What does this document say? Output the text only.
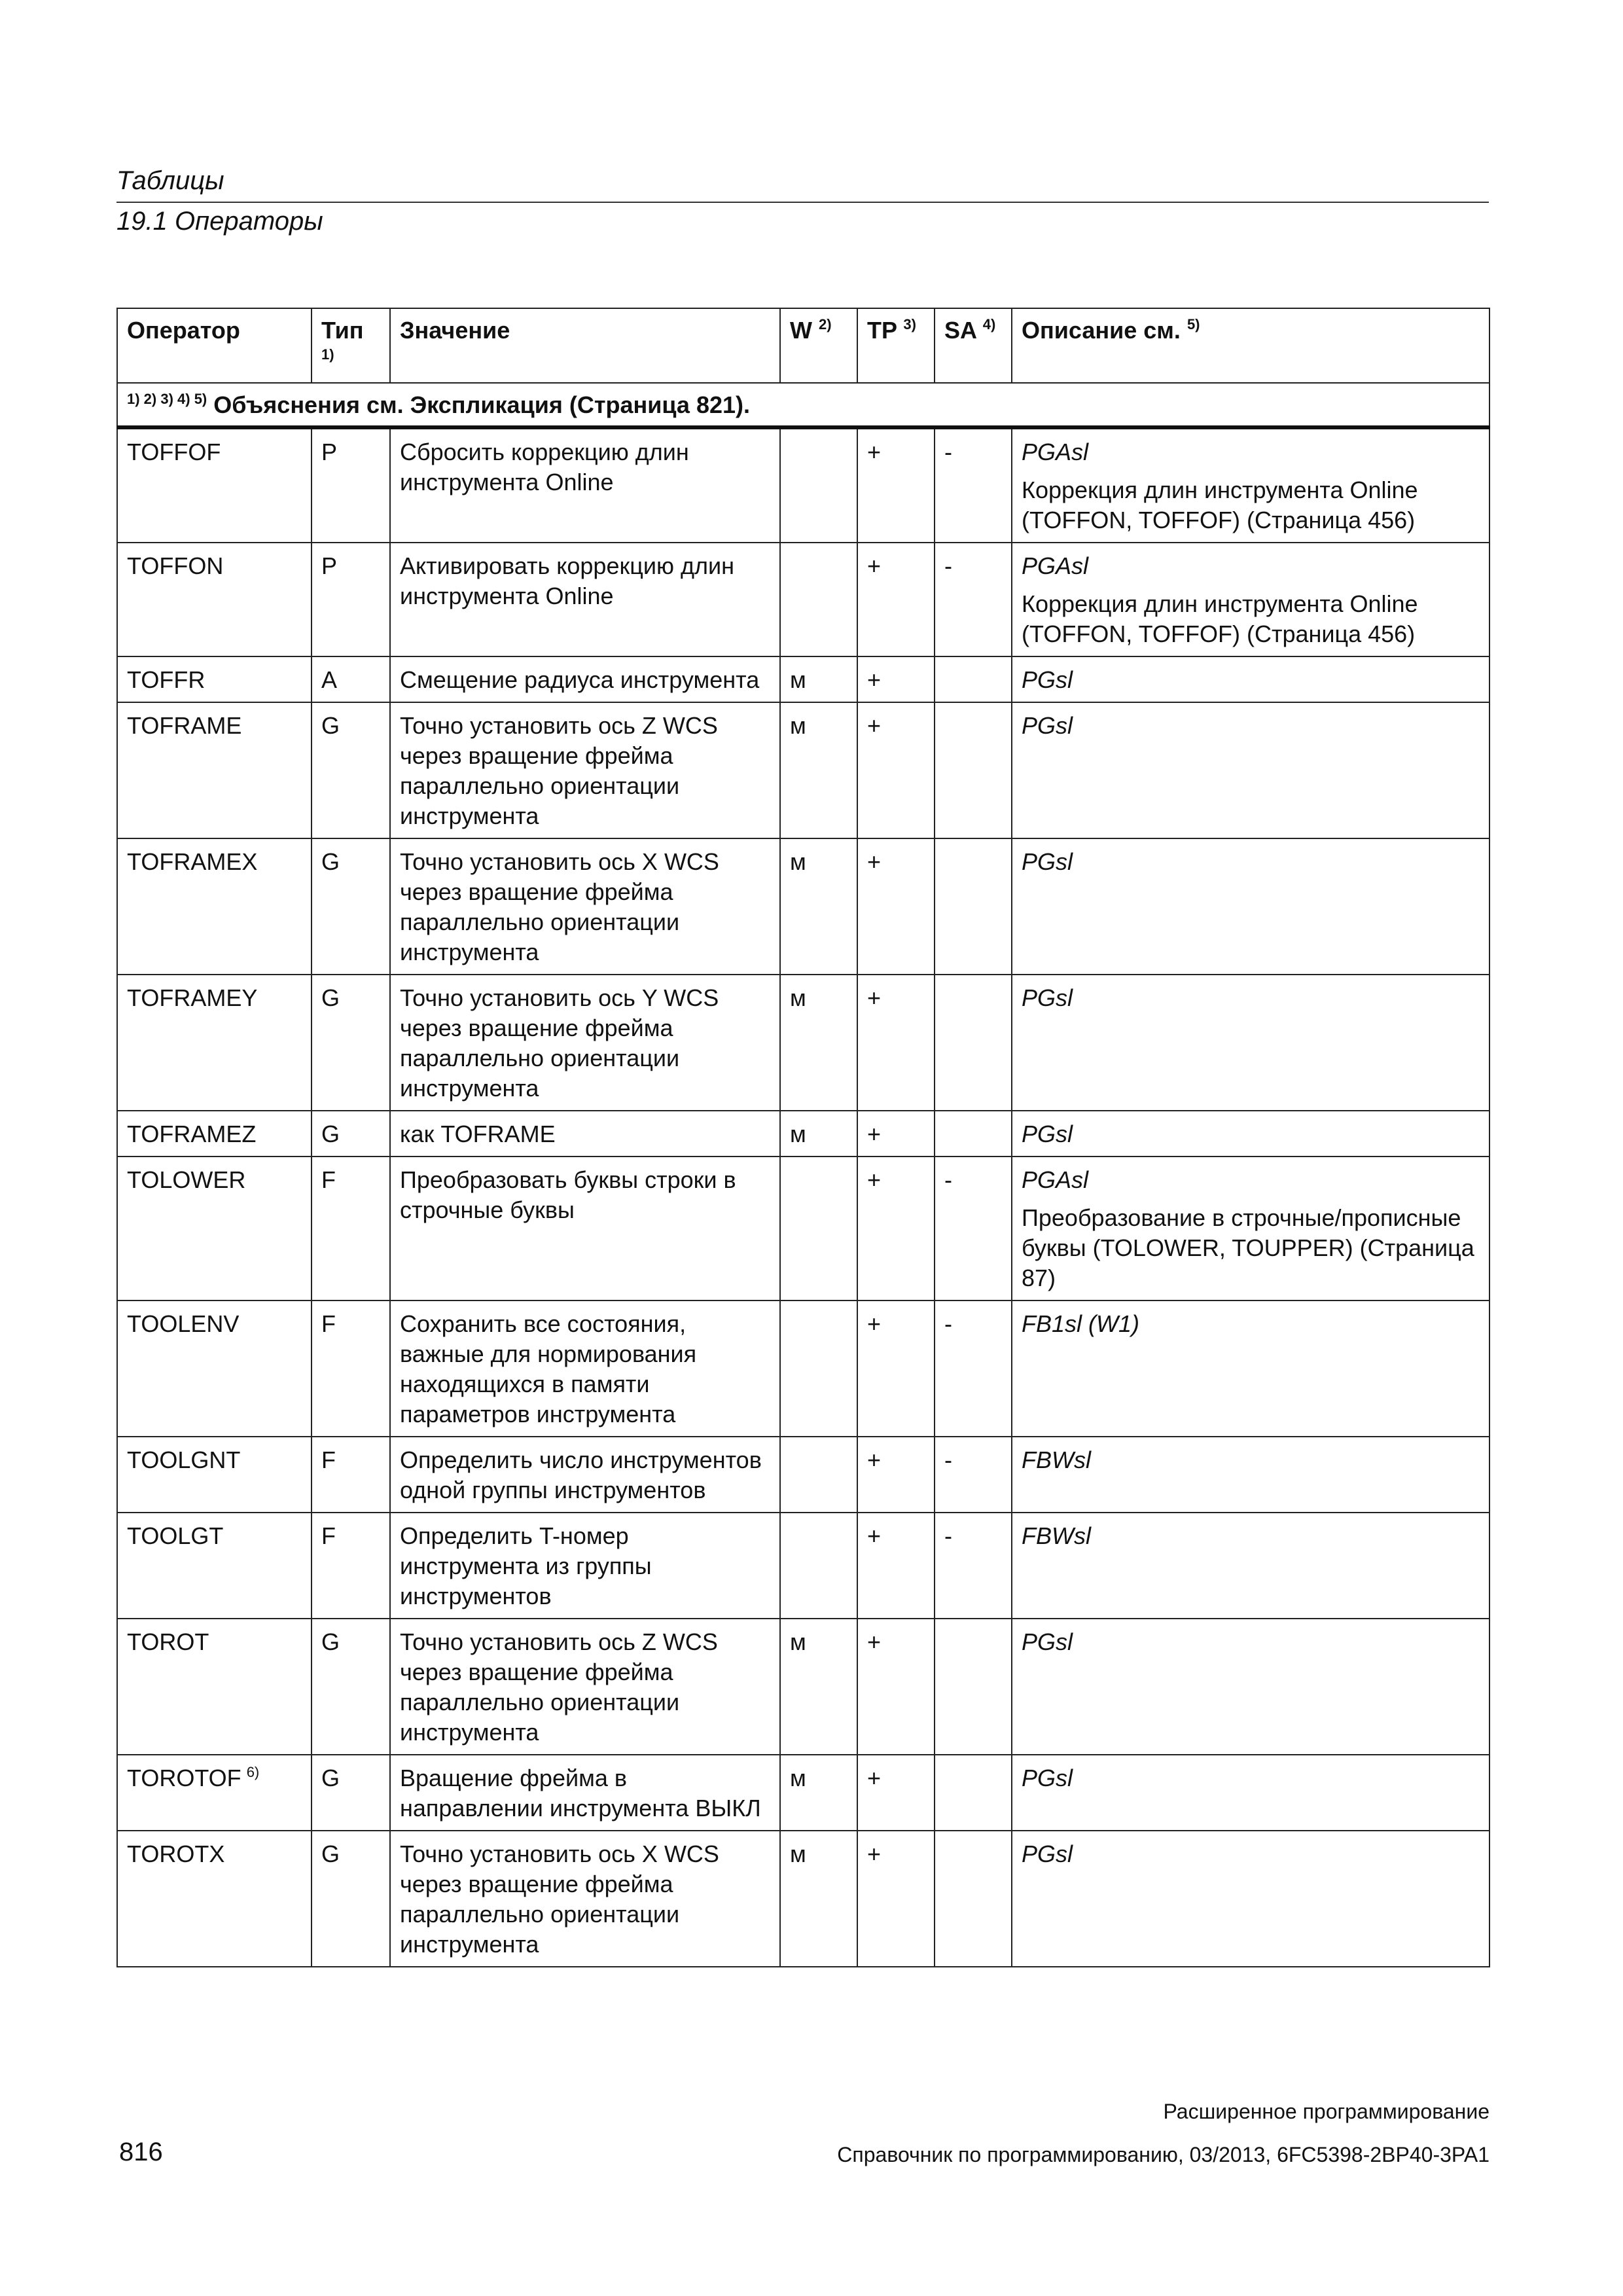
Таблицы
19.1 Операторы
Оператор	Тип $^{1)}$	Значение	W $^{2)}$	TP $^{3)}$	SA $^{4)}$	Описание см. $^{5)}$
$^{1) 2) 3) 4) 5)}$ Объяснения см. Экспликация (Страница 821).						
TOFFOF	P	Сбросить коррекцию длин инструмента Online		+	-	PGAsl
Коррекция длин инструмента Online (TOFFON, TOFFOF) (Страница 456)

TOFFON	P	Активировать коррекцию длин инструмента Online		+	-	PGAsl
Коррекция длин инструмента Online (TOFFON, TOFFOF) (Страница 456)

TOFFR	A	Смещение радиуса инструмента	м	+		PGsl

TOFRAME	G	Точно установить ось Z WCS через вращение фрейма параллельно ориентации инструмента	м	+		PGsl

TOFRAMEX	G	Точно установить ось X WCS через вращение фрейма параллельно ориентации инструмента	м	+		PGsl

TOFRAMEY	G	Точно установить ось Y WCS через вращение фрейма параллельно ориентации инструмента	м	+		PGsl

TOFRAMEZ	G	как TOFRAME	м	+		PGsl

TOLOWER	F	Преобразовать буквы строки в строчные буквы		+	-	PGAsl
Преобразование в строчные/прописные буквы (TOLOWER, TOUPPER) (Страница 87)

TOOLENV	F	Сохранить все состояния, важные для нормирования находящихся в памяти параметров инструмента		+	-	FB1sl (W1)

TOOLGNT	F	Определить число инструментов одной группы инструментов		+	-	FBWsl

TOOLGT	F	Определить T-номер инструмента из группы инструментов		+	-	FBWsl

TOROT	G	Точно установить ось Z WCS через вращение фрейма параллельно ориентации инструмента	м	+		PGsl

TOROTOF $^{6)}$	G	Вращение фрейма в направлении инструмента ВЫКЛ	м	+		PGsl

TOROTX	G	Точно установить ось X WCS через вращение фрейма параллельно ориентации инструмента	м	+		PGsl
Расширенное программирование
816	Справочник по программированию, 03/2013, 6FC5398-2BP40-3PA1
